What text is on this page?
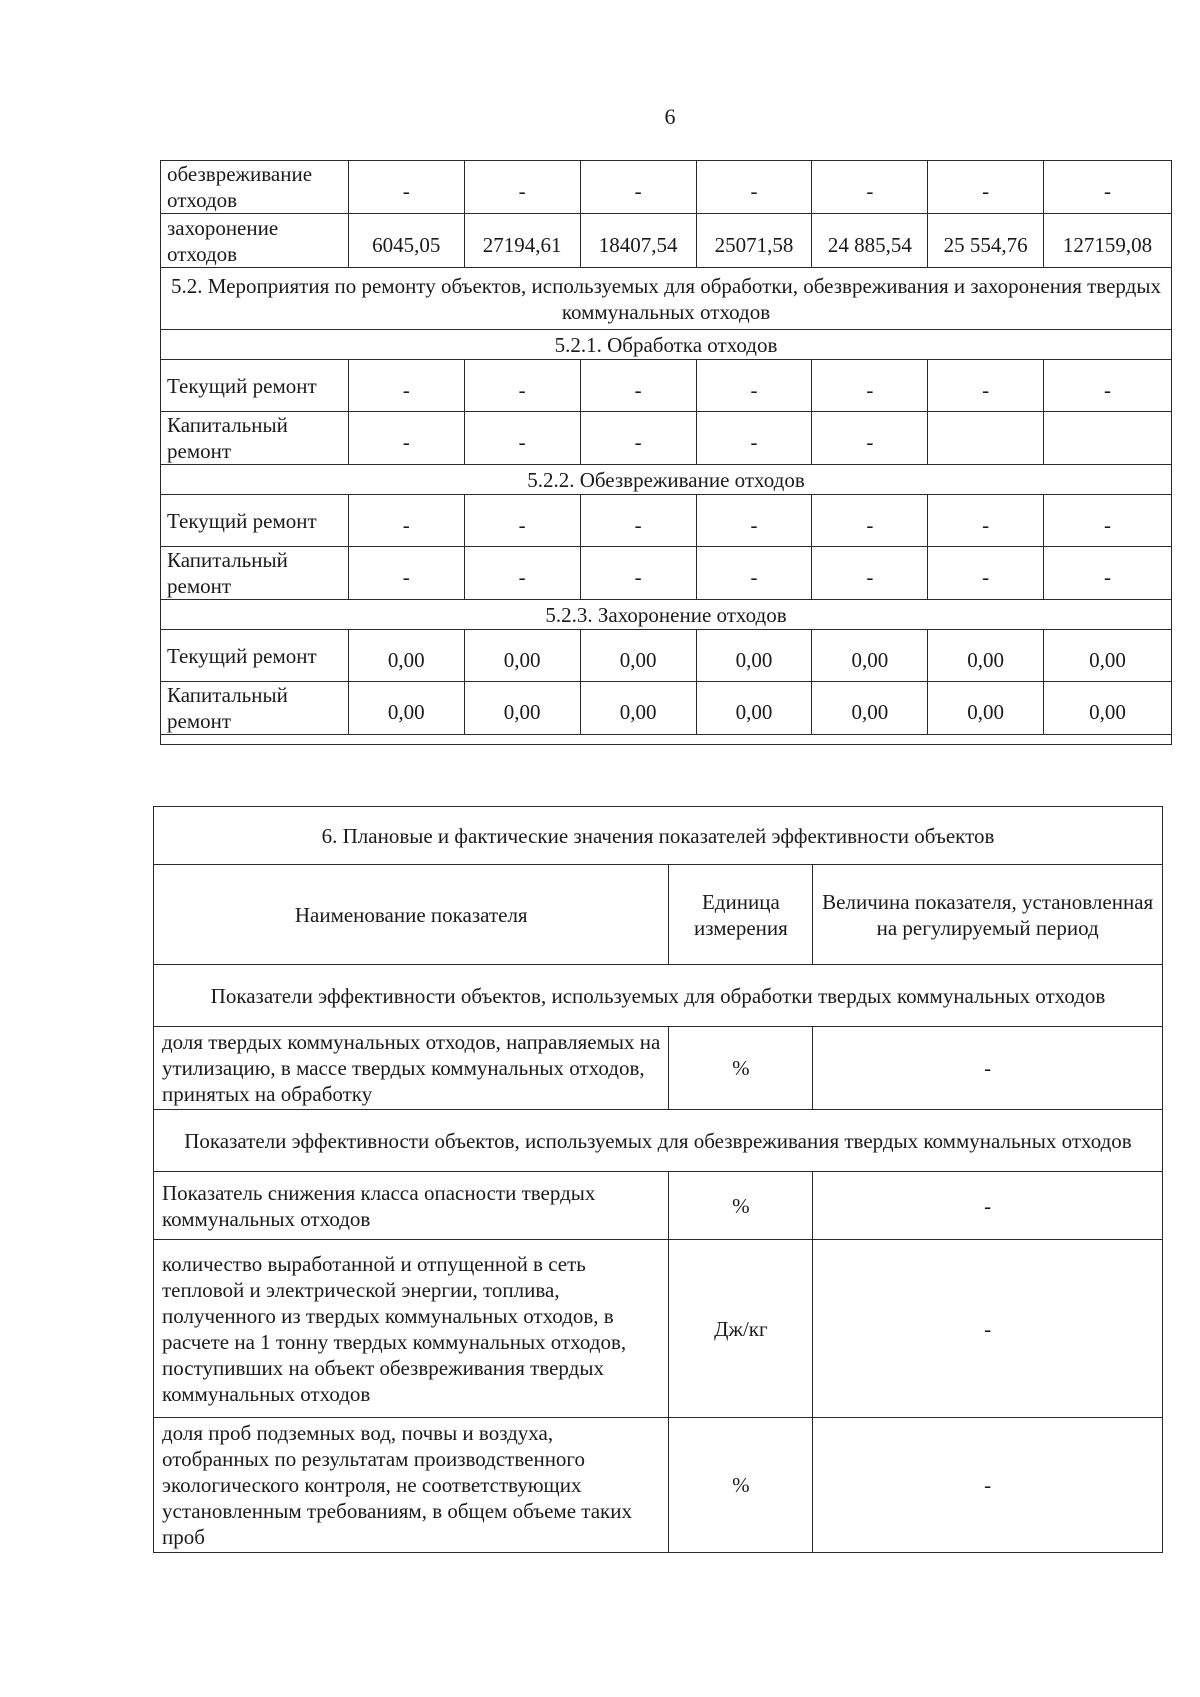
6
обезвреживание отходов	-	-	-	-	-	-	-
захоронение отходов	6045,05	27194,61	18407,54	25071,58	24 885,54	25 554,76	127159,08
5.2. Мероприятия по ремонту объектов, используемых для обработки, обезвреживания и захоронения твердых коммунальных отходов							
5.2.1. Обработка отходов							
Текущий ремонт	-	-	-	-	-	-	-
Капитальный ремонт	-	-	-	-	-		
5.2.2. Обезвреживание отходов							
Текущий ремонт	-	-	-	-	-	-	-
Капитальный ремонт	-	-	-	-	-	-	-
5.2.3. Захоронение отходов							
Текущий ремонт	0,00	0,00	0,00	0,00	0,00	0,00	0,00
Капитальный ремонт	0,00	0,00	0,00	0,00	0,00	0,00	0,00

6. Плановые и фактические значения показателей эффективности объектов		
Наименование показателя	Единица измерения	Величина показателя, установленная на регулируемый период
Показатели эффективности объектов, используемых для обработки твердых коммунальных отходов		
доля твердых коммунальных отходов, направляемых на утилизацию, в массе твердых коммунальных отходов, принятых на обработку	%	-
Показатели эффективности объектов, используемых для обезвреживания твердых коммунальных отходов		
Показатель снижения класса опасности твердых коммунальных отходов	%	-
количество выработанной и отпущенной в сеть тепловой и электрической энергии, топлива, полученного из твердых коммунальных отходов, в расчете на 1 тонну твердых коммунальных отходов, поступивших на объект обезвреживания твердых коммунальных отходов	Дж/кг	-
доля проб подземных вод, почвы и воздуха, отобранных по результатам производственного экологического контроля, не соответствующих установленным требованиям, в общем объеме таких проб	%	-
